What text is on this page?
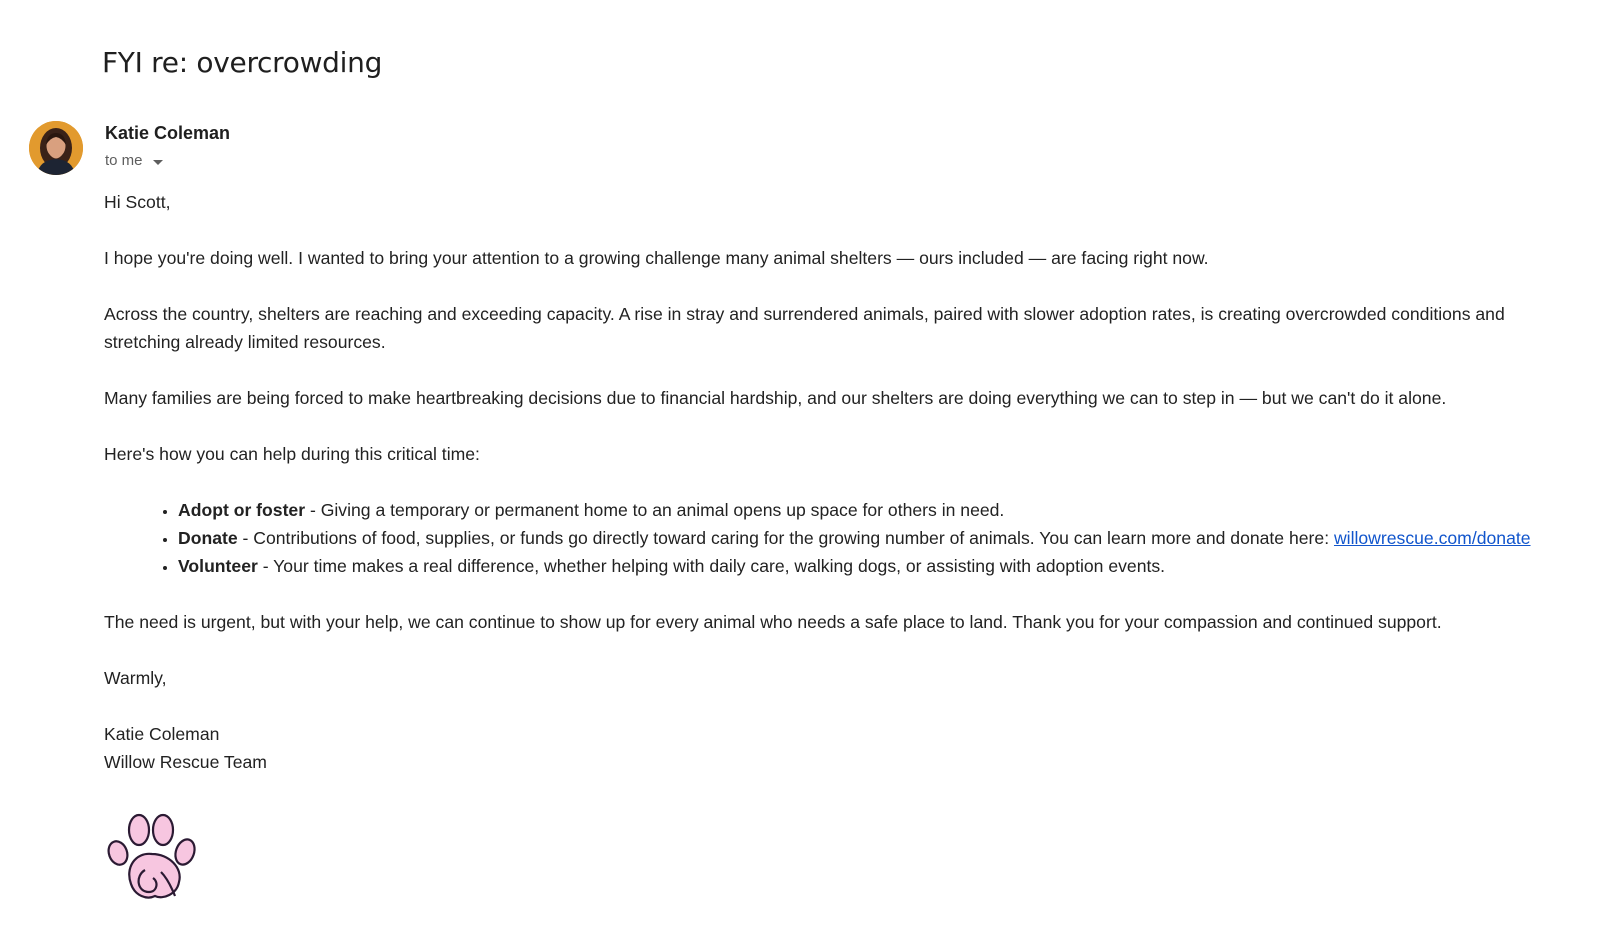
FYI re: overcrowding
Katie Coleman
to me

Hi Scott,

I hope you're doing well. I wanted to bring your attention to a growing challenge many animal shelters — ours included — are facing right now.

Across the country, shelters are reaching and exceeding capacity. A rise in stray and surrendered animals, paired with slower adoption rates, is creating overcrowded conditions and stretching already limited resources.

Many families are being forced to make heartbreaking decisions due to financial hardship, and our shelters are doing everything we can to step in — but we can't do it alone.

Here's how you can help during this critical time:

• Adopt or foster - Giving a temporary or permanent home to an animal opens up space for others in need.
• Donate - Contributions of food, supplies, or funds go directly toward caring for the growing number of animals. You can learn more and donate here: willowrescue.com/donate
• Volunteer - Your time makes a real difference, whether helping with daily care, walking dogs, or assisting with adoption events.

The need is urgent, but with your help, we can continue to show up for every animal who needs a safe place to land. Thank you for your compassion and continued support.

Warmly,

Katie Coleman

Willow Rescue Team
